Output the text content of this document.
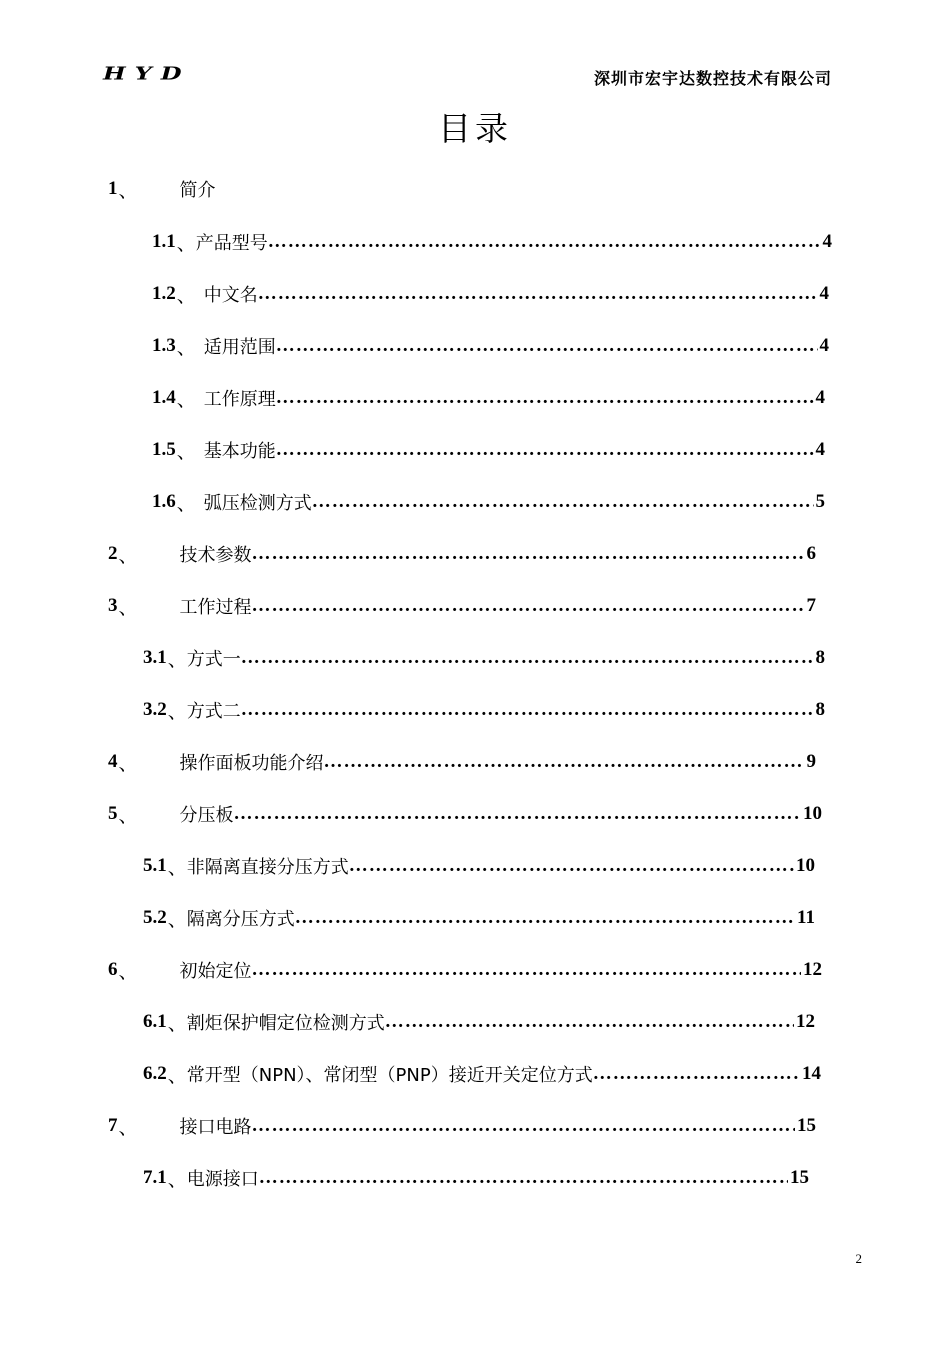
HYD	深圳市宏宇达数控技术有限公司
目录
1 、 简介
1.1 、 产品型号 ……………………………………………………………………………………………………………………	4
1.2 、 中文名 ……………………………………………………………………………………………………………………	4
1.3 、 适用范围 ……………………………………………………………………………………………………………………	4
1.4 、 工作原理 ……………………………………………………………………………………………………………………	4
1.5 、 基本功能 ……………………………………………………………………………………………………………………	4
1.6 、 弧压检测方式 ……………………………………………………………………………………………………………………	5
2 、 技术参数 ……………………………………………………………………………………………………………………	6
3 、 工作过程 ……………………………………………………………………………………………………………………	7
3.1 、 方式一 ……………………………………………………………………………………………………………………	8
3.2 、 方式二 ……………………………………………………………………………………………………………………	8
4 、 操作面板功能介绍 ……………………………………………………………………………………………………………………	9
5 、 分压板 ……………………………………………………………………………………………………………………	10
5.1 、 非隔离直接分压方式 ……………………………………………………………………………………………………………………	10
5.2 、 隔离分压方式 ……………………………………………………………………………………………………………………	11
6 、 初始定位 ……………………………………………………………………………………………………………………	12
6.1 、 割炬保护帽定位检测方式 ……………………………………………………………………………………………………………………	12
6.2 、 常开型（NPN）、常闭型（PNP）接近开关定位方式 ……………………………………………………………………………………………………………………	14
7 、 接口电路 ……………………………………………………………………………………………………………………	15
7.1 、 电源接口 ……………………………………………………………………………………………………………………	15
2
